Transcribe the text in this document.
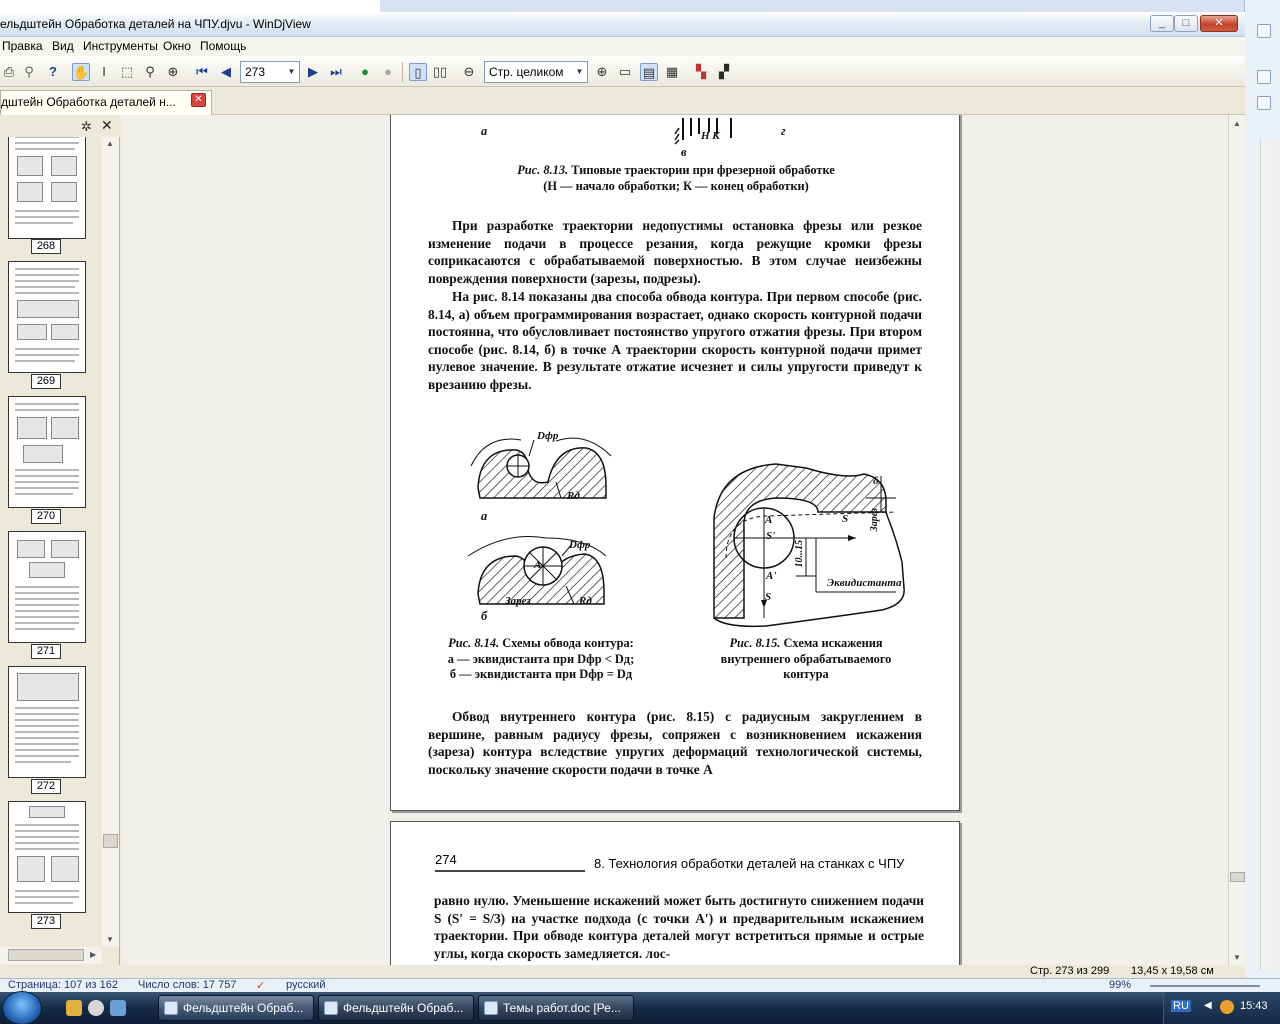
ельдштейн Обработка деталей на ЧПУ.djvu - WinDjView	_	□	✕
Правка Вид Инструменты Окно Помощь
⎙ ⚲	?	✋	I	⬚ ⚲ ⊕ ⏮	◀	273	▼ ▶ ⏭	●	●	▯ ▯▯ ⊖	Стр. целиком	▼ ⊕ ▭ ▤ ▦	▚	▞
дштейн Обработка деталей н...	✕
✲ ✕
268
269
270
271
272
273
▲
▼
▶
а	Н К	г
в
Рис. 8.13. Типовые траектории при фрезерной обработке
(Н — начало обработки; К — конец обработки)

При разработке траектории недопустимы остановка фрезы или резкое изменение подачи в процессе резания, когда режущие кромки фрезы соприкасаются с обрабатываемой поверхностью. В этом случае неизбежны повреждения поверхности (зарезы, подрезы).

На рис. 8.14 показаны два способа обвода контура. При первом способе (рис. 8.14, а) объем программирования возрастает, однако скорость контурной подачи постоянна, что обусловливает постоянство упругого отжатия фрезы. При втором способе (рис. 8.14, б) в точке А траектории скорость контурной подачи примет нулевое значение. В результате отжатие исчезнет и силы упругости приведут к врезанию фрезы.

Dфр
Rд
а
Dфр
A
Зарез	Rд
б
A
S'
S
A'
S
10...15
δ
Зарез
Эквидистанта
Рис. 8.14. Схемы обвода контура:
а — эквидистанта при Dфр < Dд;
б — эквидистанта при Dфр = Dд
Рис. 8.15. Схема искажения
внутреннего обрабатываемого
контура

Обвод внутреннего контура (рис. 8.15) с радиусным закруглением в вершине, равным радиусу фрезы, сопряжен с возникновением искажения (зареза) контура вследствие упругих деформаций технологической системы, поскольку значение скорости подачи в точке А

274	8. Технология обработки деталей на станках с ЧПУ

равно нулю. Уменьшение искажений может быть достигнуто снижением подачи S (S′ = S/3) на участке подхода (с точки A′) и предварительным искажением траектории. При обводе контура деталей могут встретиться прямые и острые углы, когда скорость замедляется. лос-

▲
▼
Стр. 273 из 299 13,45 x 19,58 см
Страница: 107 из 162 Число слов: 17 757 ✓ русский	99%
Фельдштейн Обраб...	Фельдштейн Обраб...	Темы работ.doc [Ре...	RU ◀	15:43
